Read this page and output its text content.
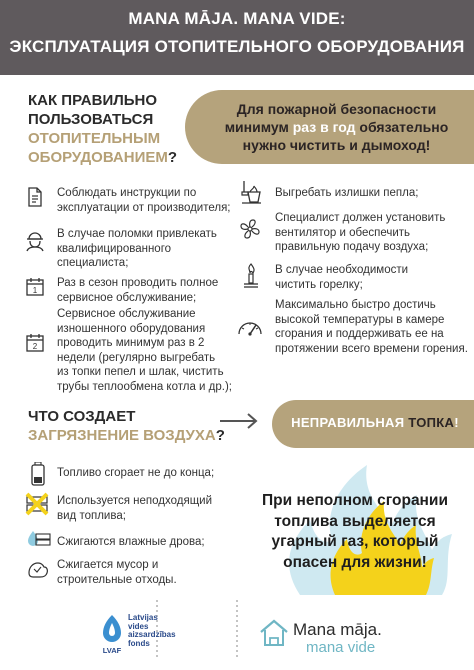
MANA MĀJA. MANA VIDE:
ЭКСПЛУАТАЦИЯ ОТОПИТЕЛЬНОГО ОБОРУДОВАНИЯ
КАК ПРАВИЛЬНО
ПОЛЬЗОВАТЬСЯ
ОТОПИТЕЛЬНЫМ
ОБОРУДОВАНИЕМ?
Для пожарной безопасности
минимум раз в год обязательно
нужно чистить и дымоход!
Соблюдать инструкции по
эксплуатации от производителя;
В случае поломки привлекать
квалифицированного
специалиста;
1
Раз в сезон проводить полное
сервисное обслуживание;
2
Сервисное обслуживание
изношенного оборудования
проводить минимум раз в 2
недели (регулярно выгребать
из топки пепел и шлак, чистить
трубы теплообмена котла и др.);
Выгребать излишки пепла;
Специалист должен установить
вентилятор и обеспечить
правильную подачу воздуха;
В случае необходимости
чистить горелку;
Максимально быстро достичь
высокой температуры в камере
сгорания и поддерживать ее на
протяжении всего времени горения.
ЧТО СОЗДАЕТ
ЗАГРЯЗНЕНИЕ ВОЗДУХА?
НЕПРАВИЛЬНАЯ ТОПКА!
Топливо сгорает не до конца;
Используется неподходящий
вид топлива;
Сжигаются влажные дрова;
Сжигается мусор и
строительные отходы.
При неполном сгорании
топлива выделяется
угарный газ, который
опасен для жизни!
LVAF
Latvijas
vides
aizsardzības
fonds
Mana māja.
mana vide
